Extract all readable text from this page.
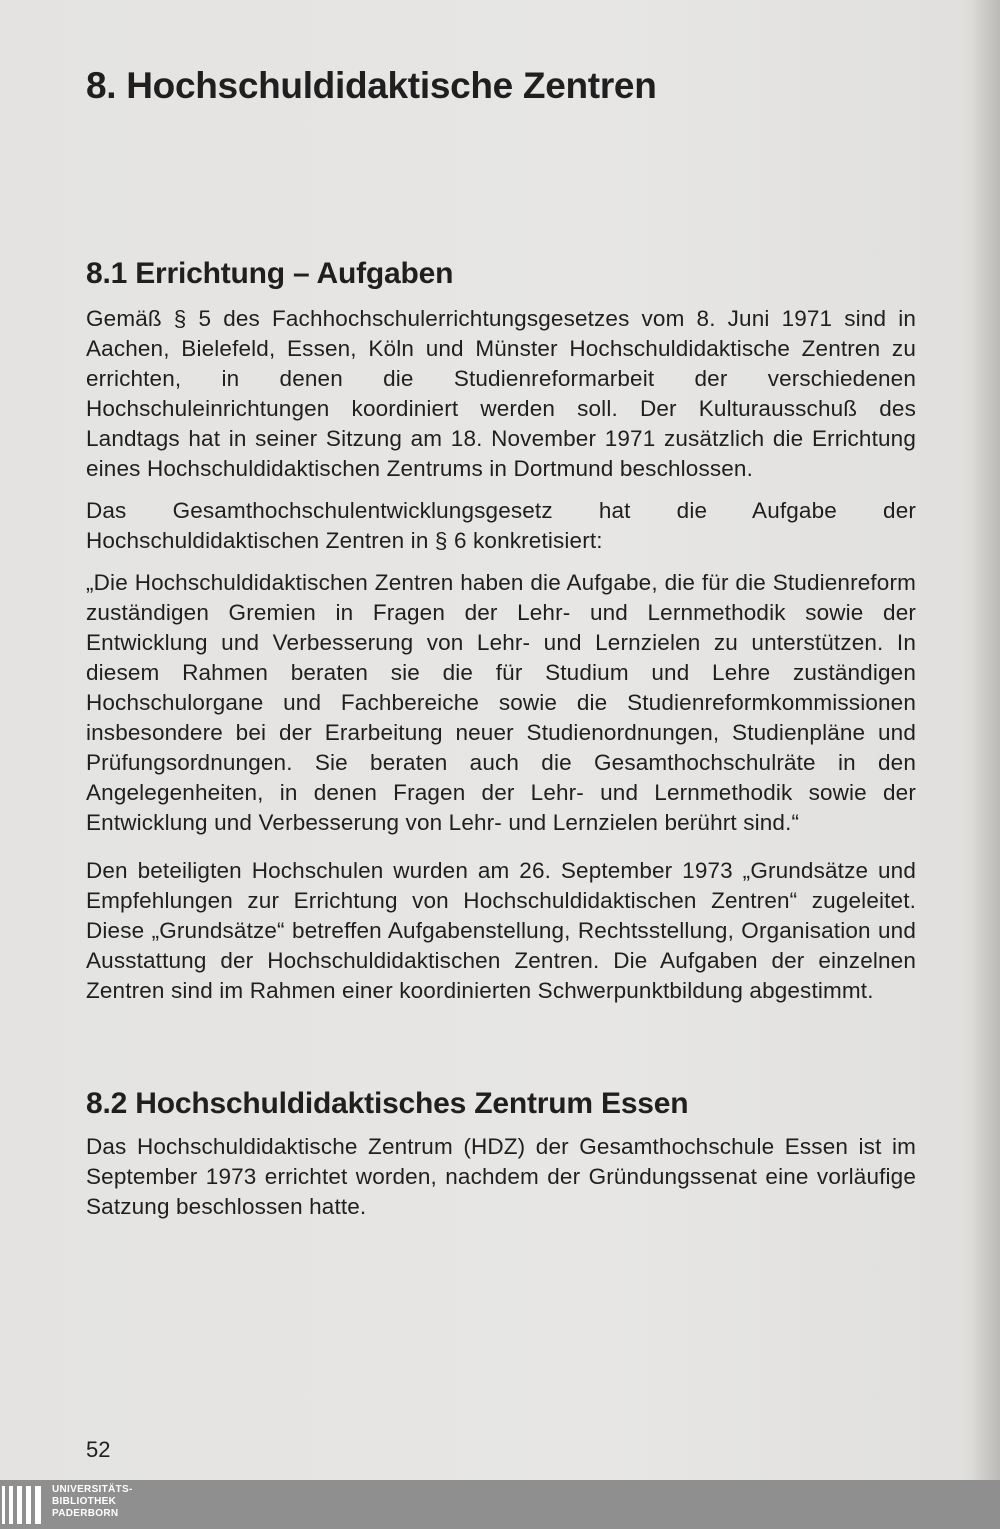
8. Hochschuldidaktische Zentren
8.1 Errichtung – Aufgaben

Gemäß § 5 des Fachhochschulerrichtungsgesetzes vom 8. Juni 1971 sind in Aachen, Bielefeld, Essen, Köln und Münster Hochschuldidaktische Zentren zu errichten, in denen die Studienreformarbeit der verschiedenen Hochschuleinrichtungen koordiniert werden soll. Der Kulturausschuß des Landtags hat in seiner Sitzung am 18. November 1971 zusätzlich die Errichtung eines Hochschuldidaktischen Zentrums in Dortmund beschlossen.

Das Gesamthochschulentwicklungsgesetz hat die Aufgabe der Hochschuldidaktischen Zentren in § 6 konkretisiert:

„Die Hochschuldidaktischen Zentren haben die Aufgabe, die für die Studienreform zuständigen Gremien in Fragen der Lehr- und Lernmethodik sowie der Entwicklung und Verbesserung von Lehr- und Lernzielen zu unterstützen. In diesem Rahmen beraten sie die für Studium und Lehre zuständigen Hochschulorgane und Fachbereiche sowie die Studienreformkommissionen insbesondere bei der Erarbeitung neuer Studienordnungen, Studienpläne und Prüfungsordnungen. Sie beraten auch die Gesamthochschulräte in den Angelegenheiten, in denen Fragen der Lehr- und Lernmethodik sowie der Entwicklung und Verbesserung von Lehr- und Lernzielen berührt sind.“

Den beteiligten Hochschulen wurden am 26. September 1973 „Grundsätze und Empfehlungen zur Errichtung von Hochschuldidaktischen Zentren“ zugeleitet. Diese „Grundsätze“ betreffen Aufgabenstellung, Rechtsstellung, Organisation und Ausstattung der Hochschuldidaktischen Zentren. Die Aufgaben der einzelnen Zentren sind im Rahmen einer koordinierten Schwerpunktbildung abgestimmt.

8.2 Hochschuldidaktisches Zentrum Essen

Das Hochschuldidaktische Zentrum (HDZ) der Gesamthochschule Essen ist im September 1973 errichtet worden, nachdem der Gründungssenat eine vorläufige Satzung beschlossen hatte.

52
UNIVERSITÄTS-
BIBLIOTHEK
PADERBORN
